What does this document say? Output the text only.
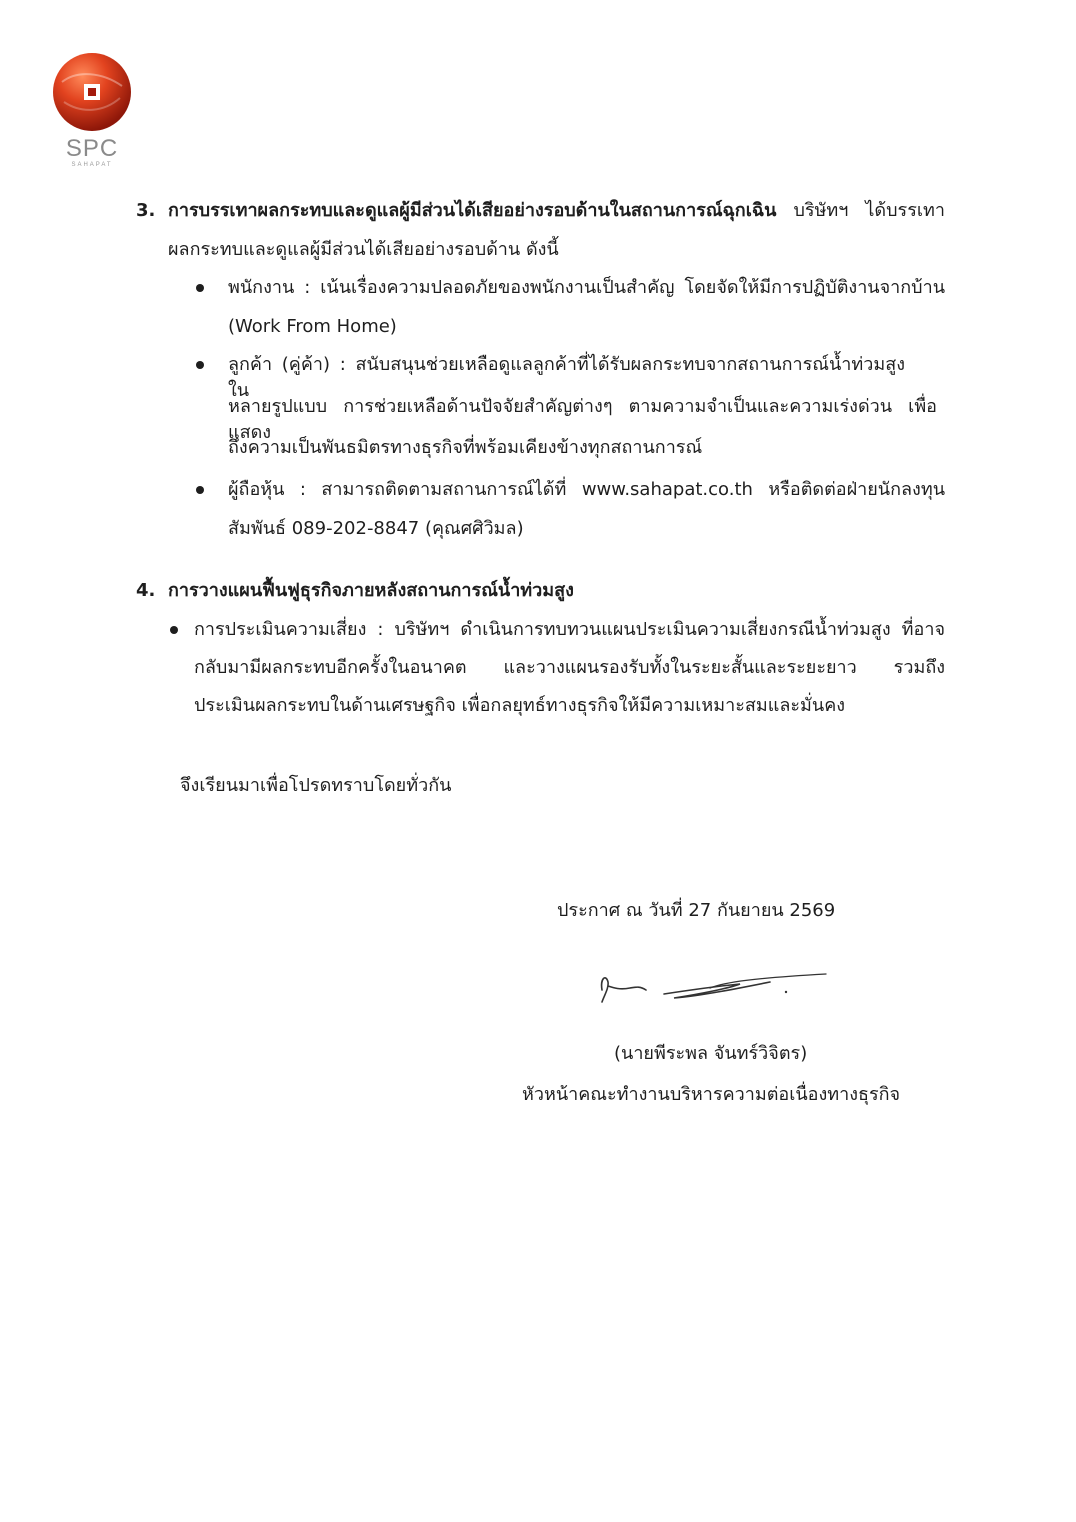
SPC
SAHAPAT
3. การบรรเทาผลกระทบและดูแลผู้มีส่วนได้เสียอย่างรอบด้านในสถานการณ์ฉุกเฉิน บริษัทฯ ได้บรรเทา
ผลกระทบและดูแลผู้มีส่วนได้เสียอย่างรอบด้าน ดังนี้
พนักงาน : เน้นเรื่องความปลอดภัยของพนักงานเป็นสำคัญ โดยจัดให้มีการปฏิบัติงานจากบ้าน
(Work From Home)
ลูกค้า (คู่ค้า) : สนับสนุนช่วยเหลือดูแลลูกค้าที่ได้รับผลกระทบจากสถานการณ์น้ำท่วมสูง ใน
หลายรูปแบบ การช่วยเหลือด้านปัจจัยสำคัญต่างๆ ตามความจำเป็นและความเร่งด่วน เพื่อแสดง
ถึงความเป็นพันธมิตรทางธุรกิจที่พร้อมเคียงข้างทุกสถานการณ์
ผู้ถือหุ้น : สามารถติดตามสถานการณ์ได้ที่ www.sahapat.co.th หรือติดต่อฝ่ายนักลงทุน
สัมพันธ์ 089-202-8847 (คุณศศิวิมล)
4. การวางแผนฟื้นฟูธุรกิจภายหลังสถานการณ์น้ำท่วมสูง
การประเมินความเสี่ยง : บริษัทฯ ดำเนินการทบทวนแผนประเมินความเสี่ยงกรณีน้ำท่วมสูง ที่อาจ
กลับมามีผลกระทบอีกครั้งในอนาคต และวางแผนรองรับทั้งในระยะสั้นและระยะยาว รวมถึง
ประเมินผลกระทบในด้านเศรษฐกิจ เพื่อกลยุทธ์ทางธุรกิจให้มีความเหมาะสมและมั่นคง
จึงเรียนมาเพื่อโปรดทราบโดยทั่วกัน
ประกาศ ณ วันที่ 27 กันยายน 2569
(นายพีระพล จันทร์วิจิตร)
หัวหน้าคณะทำงานบริหารความต่อเนื่องทางธุรกิจ
